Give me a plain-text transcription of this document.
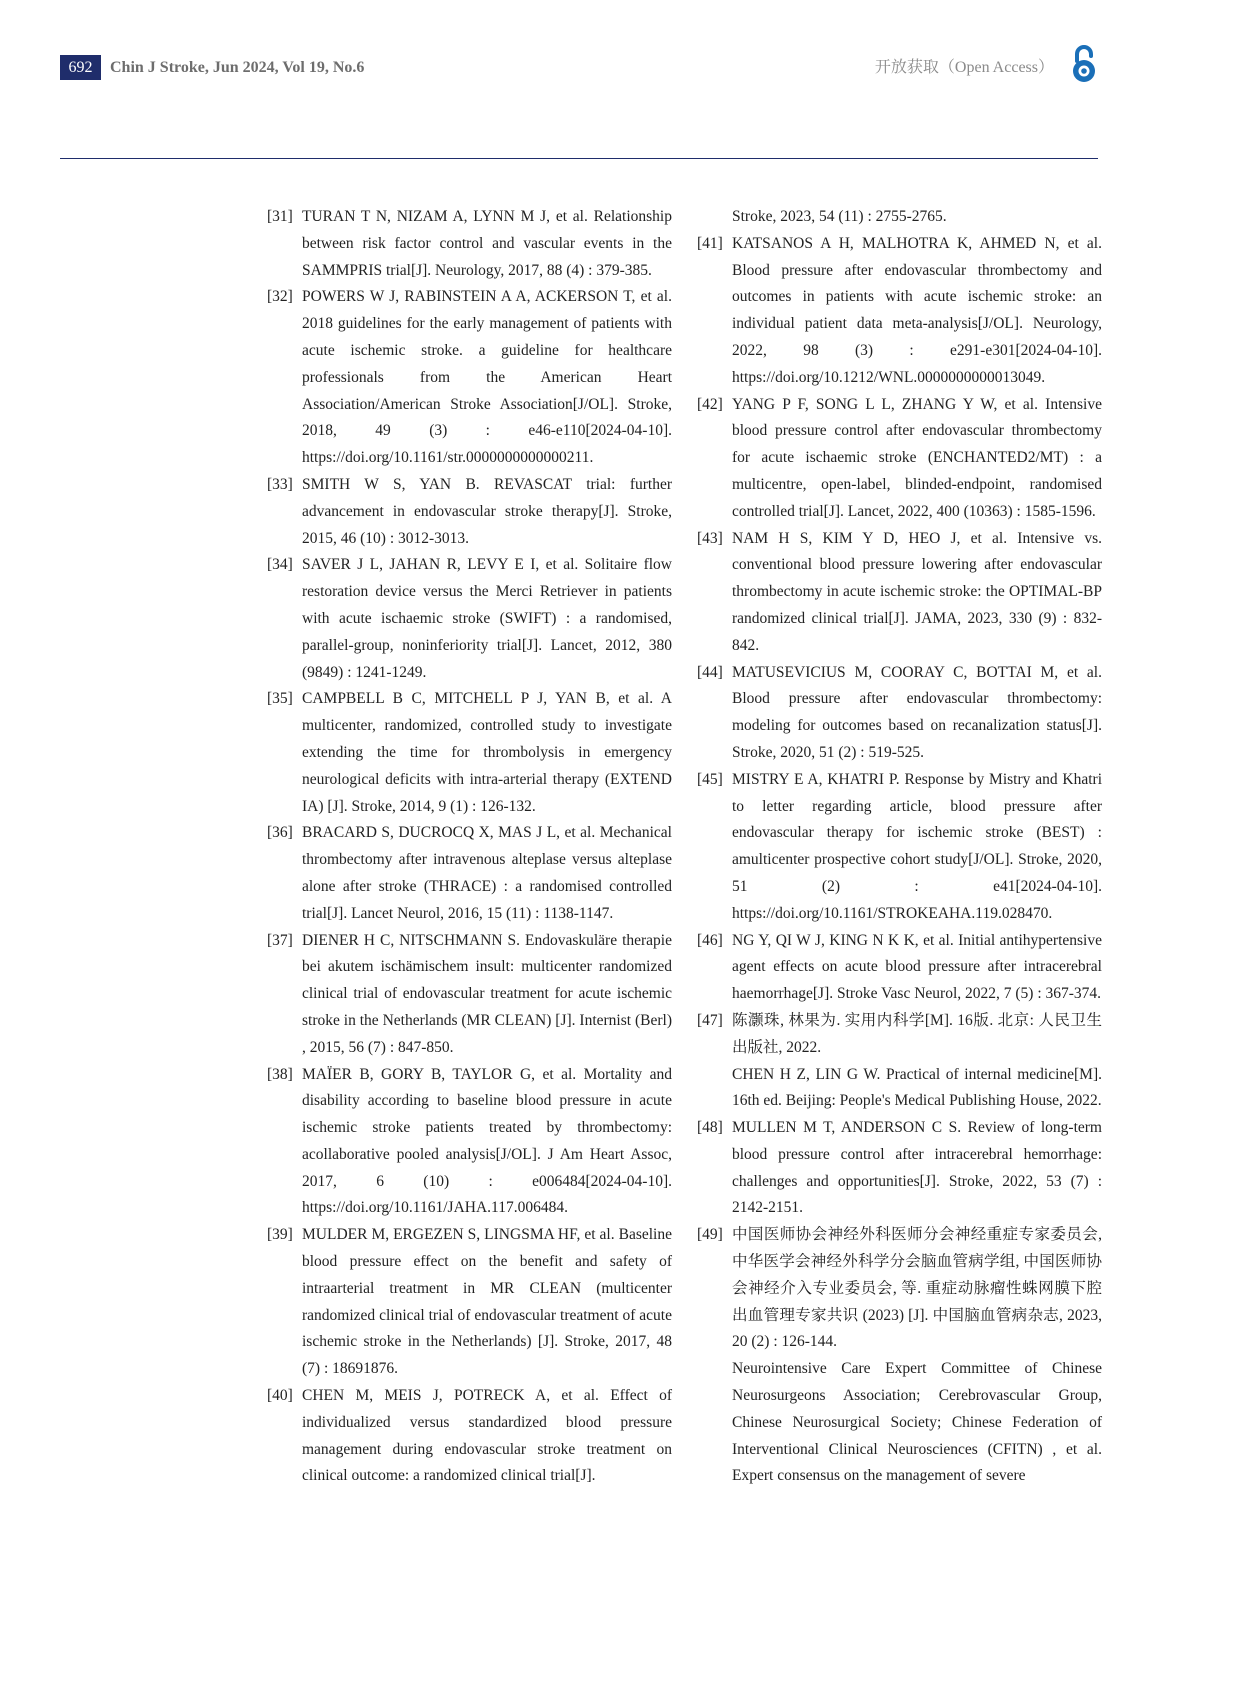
692	Chin J Stroke, Jun 2024, Vol 19, No.6	开放获取（Open Access）
[31] TURAN T N, NIZAM A, LYNN M J, et al. Relationship between risk factor control and vascular events in the SAMMPRIS trial[J]. Neurology, 2017, 88 (4) : 379-385.

[32] POWERS W J, RABINSTEIN A A, ACKERSON T, et al. 2018 guidelines for the early management of patients with acute ischemic stroke. a guideline for healthcare professionals from the American Heart Association/American Stroke Association[J/OL]. Stroke, 2018, 49 (3) : e46-e110[2024-04-10]. https://doi.org/10.1161/str.0000000000000211.

[33] SMITH W S, YAN B. REVASCAT trial: further advancement in endovascular stroke therapy[J]. Stroke, 2015, 46 (10) : 3012-3013.

[34] SAVER J L, JAHAN R, LEVY E I, et al. Solitaire flow restoration device versus the Merci Retriever in patients with acute ischaemic stroke (SWIFT) : a randomised, parallel-group, noninferiority trial[J]. Lancet, 2012, 380 (9849) : 1241-1249.

[35] CAMPBELL B C, MITCHELL P J, YAN B, et al. A multicenter, randomized, controlled study to investigate extending the time for thrombolysis in emergency neurological deficits with intra-arterial therapy (EXTEND IA) [J]. Stroke, 2014, 9 (1) : 126-132.

[36] BRACARD S, DUCROCQ X, MAS J L, et al. Mechanical thrombectomy after intravenous alteplase versus alteplase alone after stroke (THRACE) : a randomised controlled trial[J]. Lancet Neurol, 2016, 15 (11) : 1138-1147.

[37] DIENER H C, NITSCHMANN S. Endovaskuläre therapie bei akutem ischämischem insult: multicenter randomized clinical trial of endovascular treatment for acute ischemic stroke in the Netherlands (MR CLEAN) [J]. Internist (Berl) , 2015, 56 (7) : 847-850.

[38] MAÏER B, GORY B, TAYLOR G, et al. Mortality and disability according to baseline blood pressure in acute ischemic stroke patients treated by thrombectomy: acollaborative pooled analysis[J/OL]. J Am Heart Assoc, 2017, 6 (10) : e006484[2024-04-10]. https://doi.org/10.1161/JAHA.117.006484.

[39] MULDER M, ERGEZEN S, LINGSMA HF, et al. Baseline blood pressure effect on the benefit and safety of intraarterial treatment in MR CLEAN (multicenter randomized clinical trial of endovascular treatment of acute ischemic stroke in the Netherlands) [J]. Stroke, 2017, 48 (7) : 18691876.

[40] CHEN M, MEIS J, POTRECK A, et al. Effect of individualized versus standardized blood pressure management during endovascular stroke treatment on clinical outcome: a randomized clinical trial[J].

Stroke, 2023, 54 (11) : 2755-2765.

[41] KATSANOS A H, MALHOTRA K, AHMED N, et al. Blood pressure after endovascular thrombectomy and outcomes in patients with acute ischemic stroke: an individual patient data meta-analysis[J/OL]. Neurology, 2022, 98 (3) : e291-e301[2024-04-10]. https://doi.org/10.1212/WNL.0000000000013049.

[42] YANG P F, SONG L L, ZHANG Y W, et al. Intensive blood pressure control after endovascular thrombectomy for acute ischaemic stroke (ENCHANTED2/MT) : a multicentre, open-label, blinded-endpoint, randomised controlled trial[J]. Lancet, 2022, 400 (10363) : 1585-1596.

[43] NAM H S, KIM Y D, HEO J, et al. Intensive vs. conventional blood pressure lowering after endovascular thrombectomy in acute ischemic stroke: the OPTIMAL-BP randomized clinical trial[J]. JAMA, 2023, 330 (9) : 832-842.

[44] MATUSEVICIUS M, COORAY C, BOTTAI M, et al. Blood pressure after endovascular thrombectomy: modeling for outcomes based on recanalization status[J]. Stroke, 2020, 51 (2) : 519-525.

[45] MISTRY E A, KHATRI P. Response by Mistry and Khatri to letter regarding article, blood pressure after endovascular therapy for ischemic stroke (BEST) : amulticenter prospective cohort study[J/OL]. Stroke, 2020, 51 (2) : e41[2024-04-10]. https://doi.org/10.1161/STROKEAHA.119.028470.

[46] NG Y, QI W J, KING N K K, et al. Initial antihypertensive agent effects on acute blood pressure after intracerebral haemorrhage[J]. Stroke Vasc Neurol, 2022, 7 (5) : 367-374.

[47] 陈灏珠, 林果为. 实用内科学[M]. 16版. 北京: 人民卫生出版社, 2022.

CHEN H Z, LIN G W. Practical of internal medicine[M]. 16th ed. Beijing: People's Medical Publishing House, 2022.

[48] MULLEN M T, ANDERSON C S. Review of long-term blood pressure control after intracerebral hemorrhage: challenges and opportunities[J]. Stroke, 2022, 53 (7) : 2142-2151.

[49] 中国医师协会神经外科医师分会神经重症专家委员会, 中华医学会神经外科学分会脑血管病学组, 中国医师协会神经介入专业委员会, 等. 重症动脉瘤性蛛网膜下腔出血管理专家共识 (2023) [J]. 中国脑血管病杂志, 2023, 20 (2) : 126-144.

Neurointensive Care Expert Committee of Chinese Neurosurgeons Association; Cerebrovascular Group, Chinese Neurosurgical Society; Chinese Federation of Interventional Clinical Neurosciences (CFITN) , et al. Expert consensus on the management of severe
